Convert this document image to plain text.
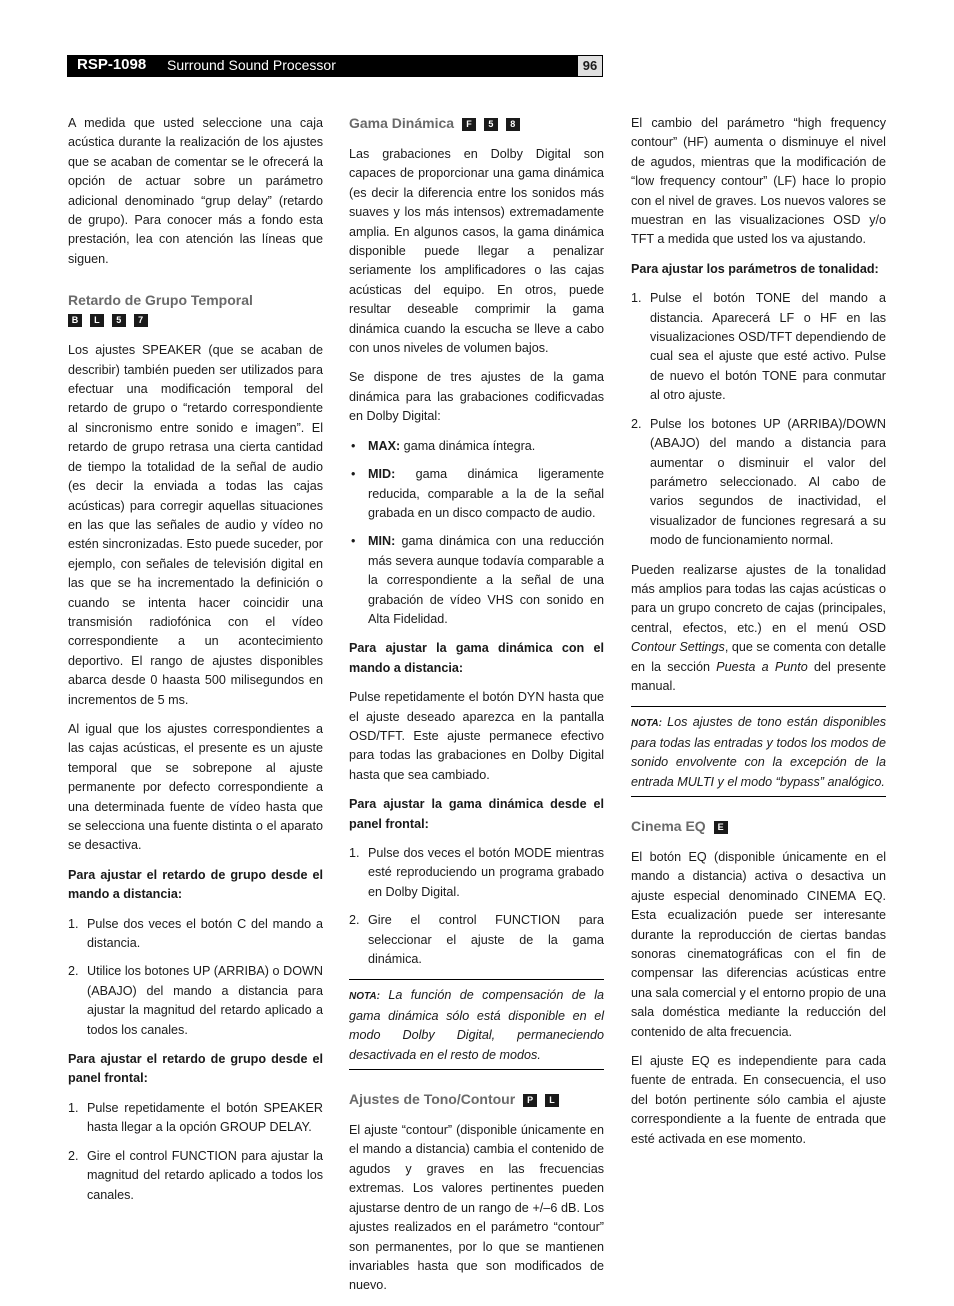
RSP-1098 Surround Sound Processor	96

A medida que usted seleccione una caja acústica durante la realización de los ajustes que se acaban de comentar se le ofrecerá la opción de actuar sobre un parámetro adicional denominado “grup delay” (retardo de grupo). Para conocer más a fondo esta prestación, lea con atención las líneas que siguen.

Retardo de Grupo Temporal
B L 5 7

Los ajustes SPEAKER (que se acaban de describir) también pueden ser utilizados para efectuar una modificación temporal del retardo de grupo o “retardo correspondiente al sincronismo entre sonido e imagen”. El retardo de grupo retrasa una cierta cantidad de tiempo la totalidad de la señal de audio (es decir la enviada a todas las cajas acústicas) para corregir aquellas situaciones en las que las señales de audio y vídeo no estén sincronizadas. Esto puede suceder, por ejemplo, con señales de televisión digital en las que se ha incrementado la definición o cuando se intenta hacer coincidir una transmisión radiofónica con el vídeo correspondiente a un acontecimiento deportivo. El rango de ajustes disponibles abarca desde 0 haasta 500 milisegundos en incrementos de 5 ms.

Al igual que los ajustes correspondientes a las cajas acústicas, el presente es un ajuste temporal que se sobrepone al ajuste permanente por defecto correspondiente a una determinada fuente de vídeo hasta que se selecciona una fuente distinta o el aparato se desactiva.

Para ajustar el retardo de grupo desde el mando a distancia:

1. Pulse dos veces el botón C del mando a distancia.
2. Utilice los botones UP (ARRIBA) o DOWN (ABAJO) del mando a distancia para ajustar la magnitud del retardo aplicado a todos los canales.

Para ajustar el retardo de grupo desde el panel frontal:

1. Pulse repetidamente el botón SPEAKER hasta llegar a la opción GROUP DELAY.
2. Gire el control FUNCTION para ajustar la magnitud del retardo aplicado a todos los canales.
Gama Dinámica F 5 8

Las grabaciones en Dolby Digital son capaces de proporcionar una gama dinámica (es decir la diferencia entre los sonidos más suaves y los más intensos) extremadamente amplia. En algunos casos, la gama dinámica disponible puede llegar a penalizar seriamente los amplificadores o las cajas acústicas del equipo. En otros, puede resultar deseable comprimir la gama dinámica cuando la escucha se lleve a cabo con unos niveles de volumen bajos.

Se dispone de tres ajustes de la gama dinámica para las grabaciones codificvadas en Dolby Digital:

• MAX: gama dinámica íntegra.
• MID: gama dinámica ligeramente reducida, comparable a la de la señal grabada en un disco compacto de audio.
• MIN: gama dinámica con una reducción más severa aunque todavía comparable a la correspondiente a la señal de una grabación de vídeo VHS con sonido en Alta Fidelidad.

Para ajustar la gama dinámica con el mando a distancia:

Pulse repetidamente el botón DYN hasta que el ajuste deseado aparezca en la pantalla OSD/TFT. Este ajuste permanece efectivo para todas las grabaciones en Dolby Digital hasta que sea cambiado.

Para ajustar la gama dinámica desde el panel frontal:

1. Pulse dos veces el botón MODE mientras esté reproduciendo un programa grabado en Dolby Digital.
2. Gire el control FUNCTION para seleccionar el ajuste de la gama dinámica.
NOTA: La función de compensación de la gama dinámica sólo está disponible en el modo Dolby Digital, permaneciendo desactivada en el resto de modos.
Ajustes de Tono/Contour P L

El ajuste “contour” (disponible únicamente en el mando a distancia) cambia el contenido de agudos y graves en las frecuencias extremas. Los valores pertinentes pueden ajustarse dentro de un rango de +/–6 dB. Los ajustes realizados en el parámetro “contour” son permanentes, por lo que se mantienen invariables hasta que son modificados de nuevo.

El cambio del parámetro “high frequency contour” (HF) aumenta o disminuye el nivel de agudos, mientras que la modificación de “low frequency contour” (LF) hace lo propio con el nivel de graves. Los nuevos valores se muestran en las visualizaciones OSD y/o TFT a medida que usted los va ajustando.

Para ajustar los parámetros de tonalidad:

1. Pulse el botón TONE del mando a distancia. Aparecerá LF o HF en las visualizaciones OSD/TFT dependiendo de cual sea el ajuste que esté activo. Pulse de nuevo el botón TONE para conmutar al otro ajuste.
2. Pulse los botones UP (ARRIBA)/DOWN (ABAJO) del mando a distancia para aumentar o disminuir el valor del parámetro seleccionado. Al cabo de varios segundos de inactividad, el visualizador de funciones regresará a su modo de funcionamiento normal.

Pueden realizarse ajustes de la tonalidad más amplios para todas las cajas acústicas o para un grupo concreto de cajas (principales, central, efectos, etc.) en el menú OSD Contour Settings, que se comenta con detalle en la sección Puesta a Punto del presente manual.

NOTA: Los ajustes de tono están disponibles para todas las entradas y todos los modos de sonido envolvente con la excepción de la entrada MULTI y el modo “bypass” analógico.
Cinema EQ E

El botón EQ (disponible únicamente en el mando a distancia) activa o desactiva un ajuste especial denominado CINEMA EQ. Esta ecualización puede ser interesante durante la reproducción de ciertas bandas sonoras cinematográficas con el fin de compensar las diferencias acústicas entre una sala comercial y el entorno propio de una sala doméstica mediante la reducción del contenido de alta frecuencia.

El ajuste EQ es independiente para cada fuente de entrada. En consecuencia, el uso del botón pertinente sólo cambia el ajuste correspondiente a la fuente de entrada que esté activada en ese momento.
